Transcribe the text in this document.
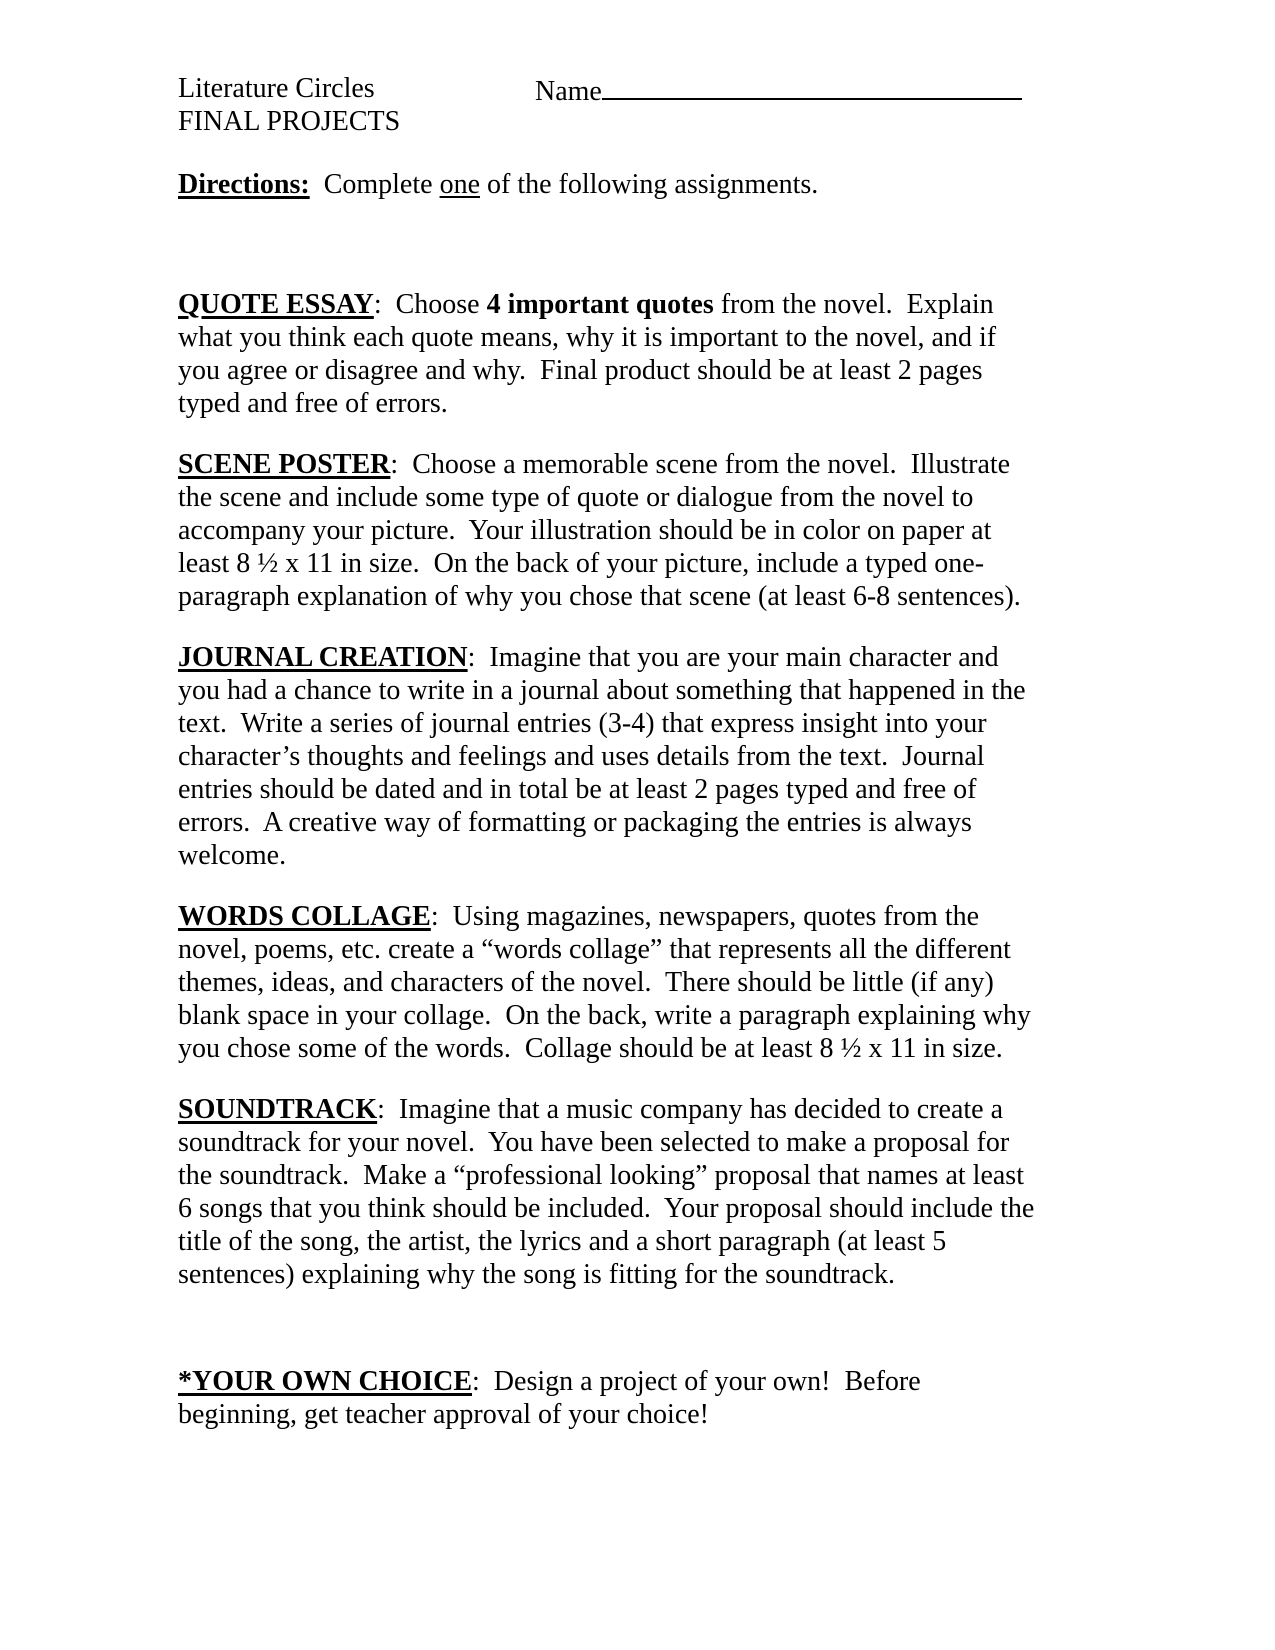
Name
Literature Circles
FINAL PROJECTS

Directions:  Complete one of the following assignments.

QUOTE ESSAY:  Choose 4 important quotes from the novel.  Explain what you think each quote means, why it is important to the novel, and if you agree or disagree and why.  Final product should be at least 2 pages typed and free of errors.

SCENE POSTER:  Choose a memorable scene from the novel.  Illustrate the scene and include some type of quote or dialogue from the novel to accompany your picture.  Your illustration should be in color on paper at least 8 ½ x 11 in size.  On the back of your picture, include a typed one-paragraph explanation of why you chose that scene (at least 6-8 sentences).

JOURNAL CREATION:  Imagine that you are your main character and you had a chance to write in a journal about something that happened in the text.  Write a series of journal entries (3-4) that express insight into your character’s thoughts and feelings and uses details from the text.  Journal entries should be dated and in total be at least 2 pages typed and free of errors.  A creative way of formatting or packaging the entries is always welcome.

WORDS COLLAGE:  Using magazines, newspapers, quotes from the novel, poems, etc. create a “words collage” that represents all the different themes, ideas, and characters of the novel.  There should be little (if any) blank space in your collage.  On the back, write a paragraph explaining why you chose some of the words.  Collage should be at least 8 ½ x 11 in size.

SOUNDTRACK:  Imagine that a music company has decided to create a soundtrack for your novel.  You have been selected to make a proposal for the soundtrack.  Make a “professional looking” proposal that names at least 6 songs that you think should be included.  Your proposal should include the title of the song, the artist, the lyrics and a short paragraph (at least 5 sentences) explaining why the song is fitting for the soundtrack.

*YOUR OWN CHOICE:  Design a project of your own!  Before beginning, get teacher approval of your choice!
